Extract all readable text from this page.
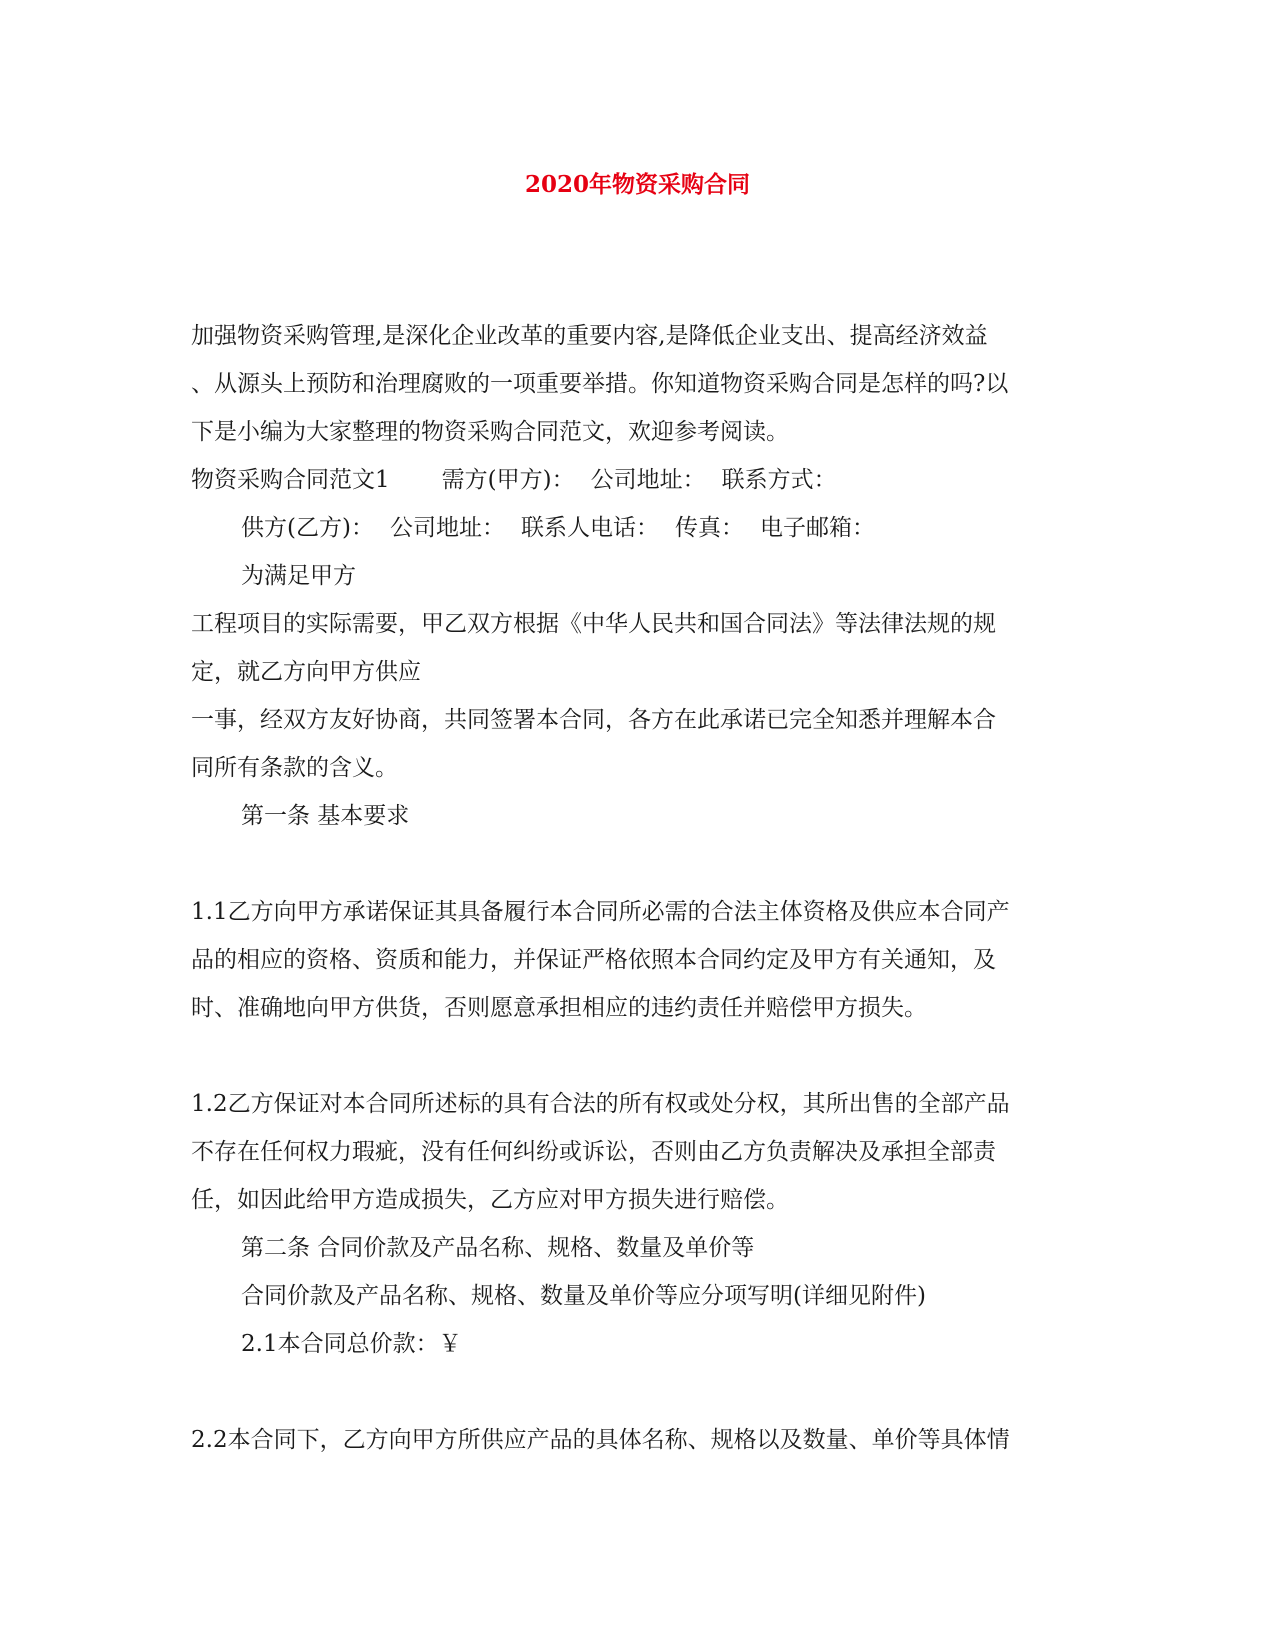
2020年物资采购合同

加强物资采购管理,是深化企业改革的重要内容,是降低企业支出、提高经济效益

、从源头上预防和治理腐败的一项重要举措。你知道物资采购合同是怎样的吗?以

下是小编为大家整理的物资采购合同范文，欢迎参考阅读。

物资采购合同范文1 需方(甲方)： 公司地址： 联系方式：

供方(乙方)： 公司地址： 联系人电话： 传真： 电子邮箱：

为满足甲方

工程项目的实际需要，甲乙双方根据《中华人民共和国合同法》等法律法规的规

定，就乙方向甲方供应

一事，经双方友好协商，共同签署本合同，各方在此承诺已完全知悉并理解本合

同所有条款的含义。

第一条 基本要求

1.1乙方向甲方承诺保证其具备履行本合同所必需的合法主体资格及供应本合同产

品的相应的资格、资质和能力，并保证严格依照本合同约定及甲方有关通知，及

时、准确地向甲方供货，否则愿意承担相应的违约责任并赔偿甲方损失。

1.2乙方保证对本合同所述标的具有合法的所有权或处分权，其所出售的全部产品

不存在任何权力瑕疵，没有任何纠纷或诉讼，否则由乙方负责解决及承担全部责

任，如因此给甲方造成损失，乙方应对甲方损失进行赔偿。

第二条 合同价款及产品名称、规格、数量及单价等

合同价款及产品名称、规格、数量及单价等应分项写明(详细见附件)

2.1本合同总价款：￥

2.2本合同下，乙方向甲方所供应产品的具体名称、规格以及数量、单价等具体情
